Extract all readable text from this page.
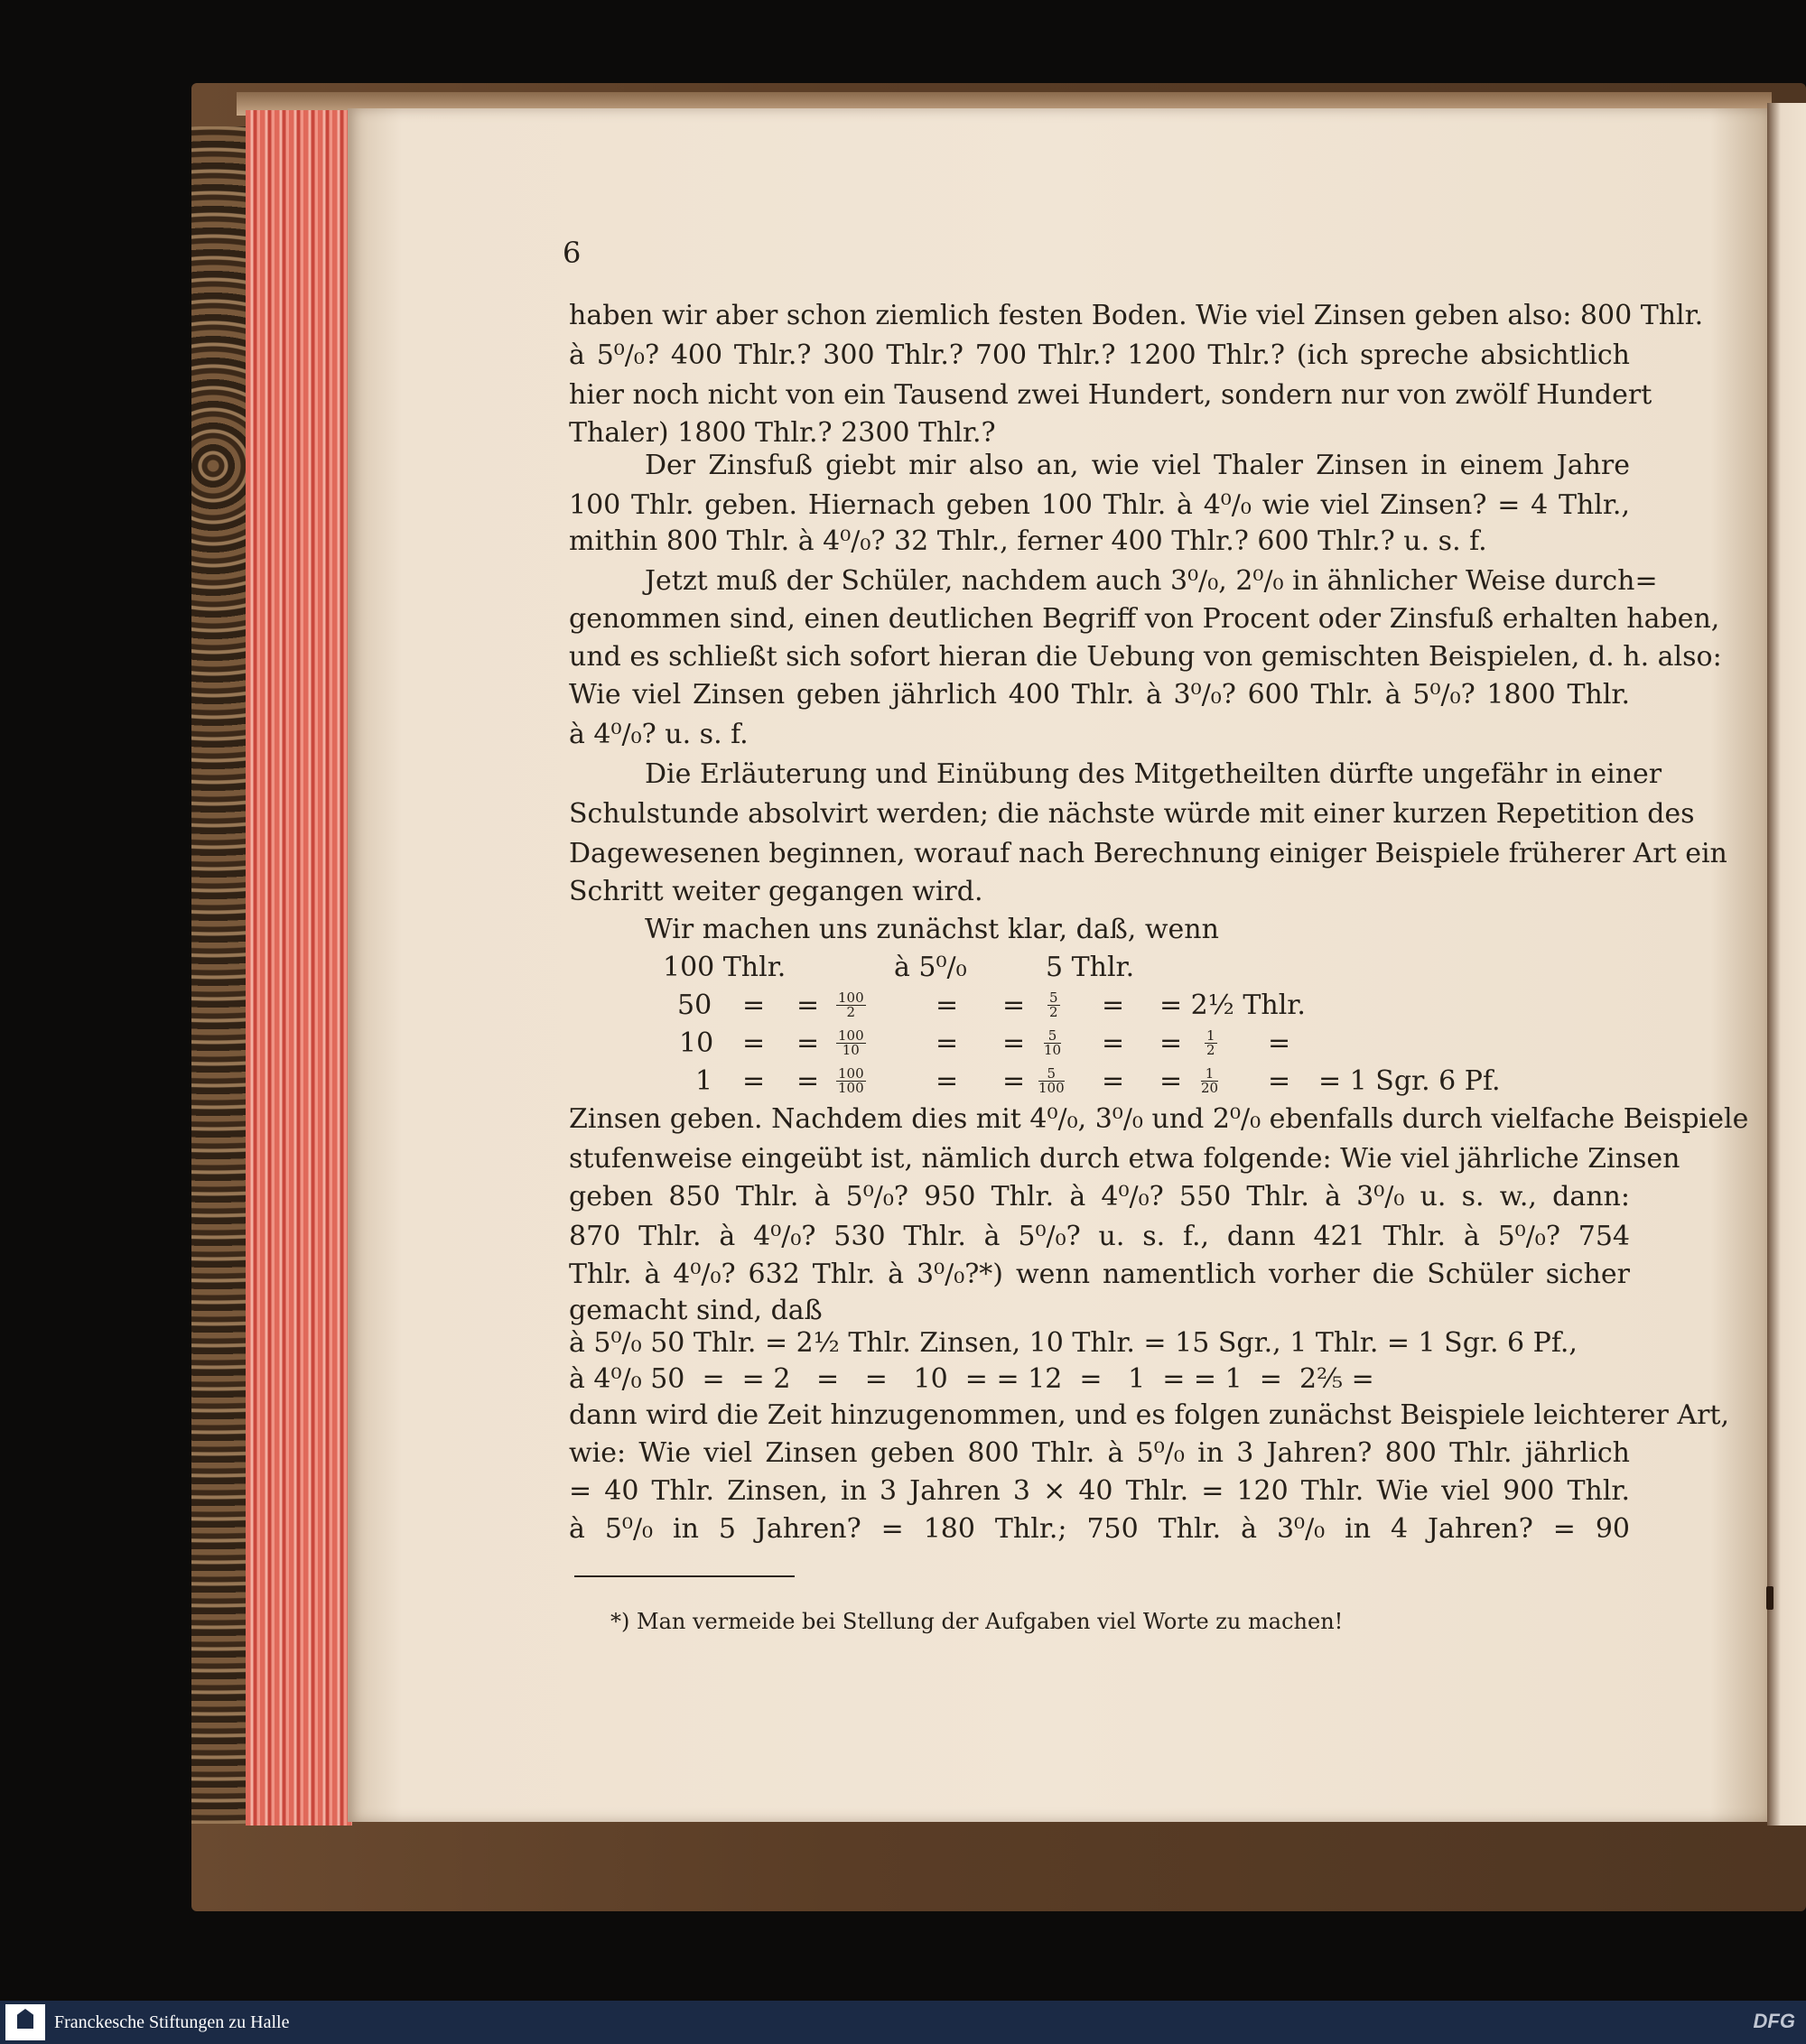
6
haben wir aber schon ziemlich festen Boden. Wie viel Zinsen geben also: 800 Thlr.
à 5⁰/₀? 400 Thlr.? 300 Thlr.? 700 Thlr.? 1200 Thlr.? (ich spreche absichtlich
hier noch nicht von ein Tausend zwei Hundert, sondern nur von zwölf Hundert
Thaler) 1800 Thlr.? 2300 Thlr.?
Der Zinsfuß giebt mir also an, wie viel Thaler Zinsen in einem Jahre
100 Thlr. geben. Hiernach geben 100 Thlr. à 4⁰/₀ wie viel Zinsen? = 4 Thlr.,
mithin 800 Thlr. à 4⁰/₀? 32 Thlr., ferner 400 Thlr.? 600 Thlr.? u. s. f.
Jetzt muß der Schüler, nachdem auch 3⁰/₀, 2⁰/₀ in ähnlicher Weise durch=
genommen sind, einen deutlichen Begriff von Procent oder Zinsfuß erhalten haben,
und es schließt sich sofort hieran die Uebung von gemischten Beispielen, d. h. also:
Wie viel Zinsen geben jährlich 400 Thlr. à 3⁰/₀? 600 Thlr. à 5⁰/₀? 1800 Thlr.
à 4⁰/₀? u. s. f.
Die Erläuterung und Einübung des Mitgetheilten dürfte ungefähr in einer
Schulstunde absolvirt werden; die nächste würde mit einer kurzen Repetition des
Dagewesenen beginnen, worauf nach Berechnung einiger Beispiele früherer Art ein
Schritt weiter gegangen wird.
Wir machen uns zunächst klar, daß, wenn
100 Thlr.	à 5⁰/₀	5 Thlr.
50 = = $\frac{100}{2}$	= = $\frac{5}{2}$ = = 2½ Thlr.
10 = = $\frac{100}{10}$	= = $\frac{5}{10}$ = = $\frac{1}{2}$ =
1 = = $\frac{100}{100}$	= = $\frac{5}{100}$ = = $\frac{1}{20}$ = = 1 Sgr. 6 Pf.
Zinsen geben. Nachdem dies mit 4⁰/₀, 3⁰/₀ und 2⁰/₀ ebenfalls durch vielfache Beispiele
stufenweise eingeübt ist, nämlich durch etwa folgende: Wie viel jährliche Zinsen
geben 850 Thlr. à 5⁰/₀? 950 Thlr. à 4⁰/₀? 550 Thlr. à 3⁰/₀ u. s. w., dann:
870 Thlr. à 4⁰/₀? 530 Thlr. à 5⁰/₀? u. s. f., dann 421 Thlr. à 5⁰/₀? 754
Thlr. à 4⁰/₀? 632 Thlr. à 3⁰/₀?*) wenn namentlich vorher die Schüler sicher
gemacht sind, daß
à 5⁰/₀ 50 Thlr. = 2½ Thlr. Zinsen, 10 Thlr. = 15 Sgr., 1 Thlr. = 1 Sgr. 6 Pf.,
à 4⁰/₀ 50  =  = 2   =   =   10  = = 12  =   1  = = 1  =  2⅖ =
dann wird die Zeit hinzugenommen, und es folgen zunächst Beispiele leichterer Art,
wie: Wie viel Zinsen geben 800 Thlr. à 5⁰/₀ in 3 Jahren? 800 Thlr. jährlich
= 40 Thlr. Zinsen, in 3 Jahren 3 × 40 Thlr. = 120 Thlr. Wie viel 900 Thlr.
à 5⁰/₀ in 5 Jahren? = 180 Thlr.; 750 Thlr. à 3⁰/₀ in 4 Jahren? = 90
*) Man vermeide bei Stellung der Aufgaben viel Worte zu machen!
Franckesche Stiftungen zu Halle	DFG
